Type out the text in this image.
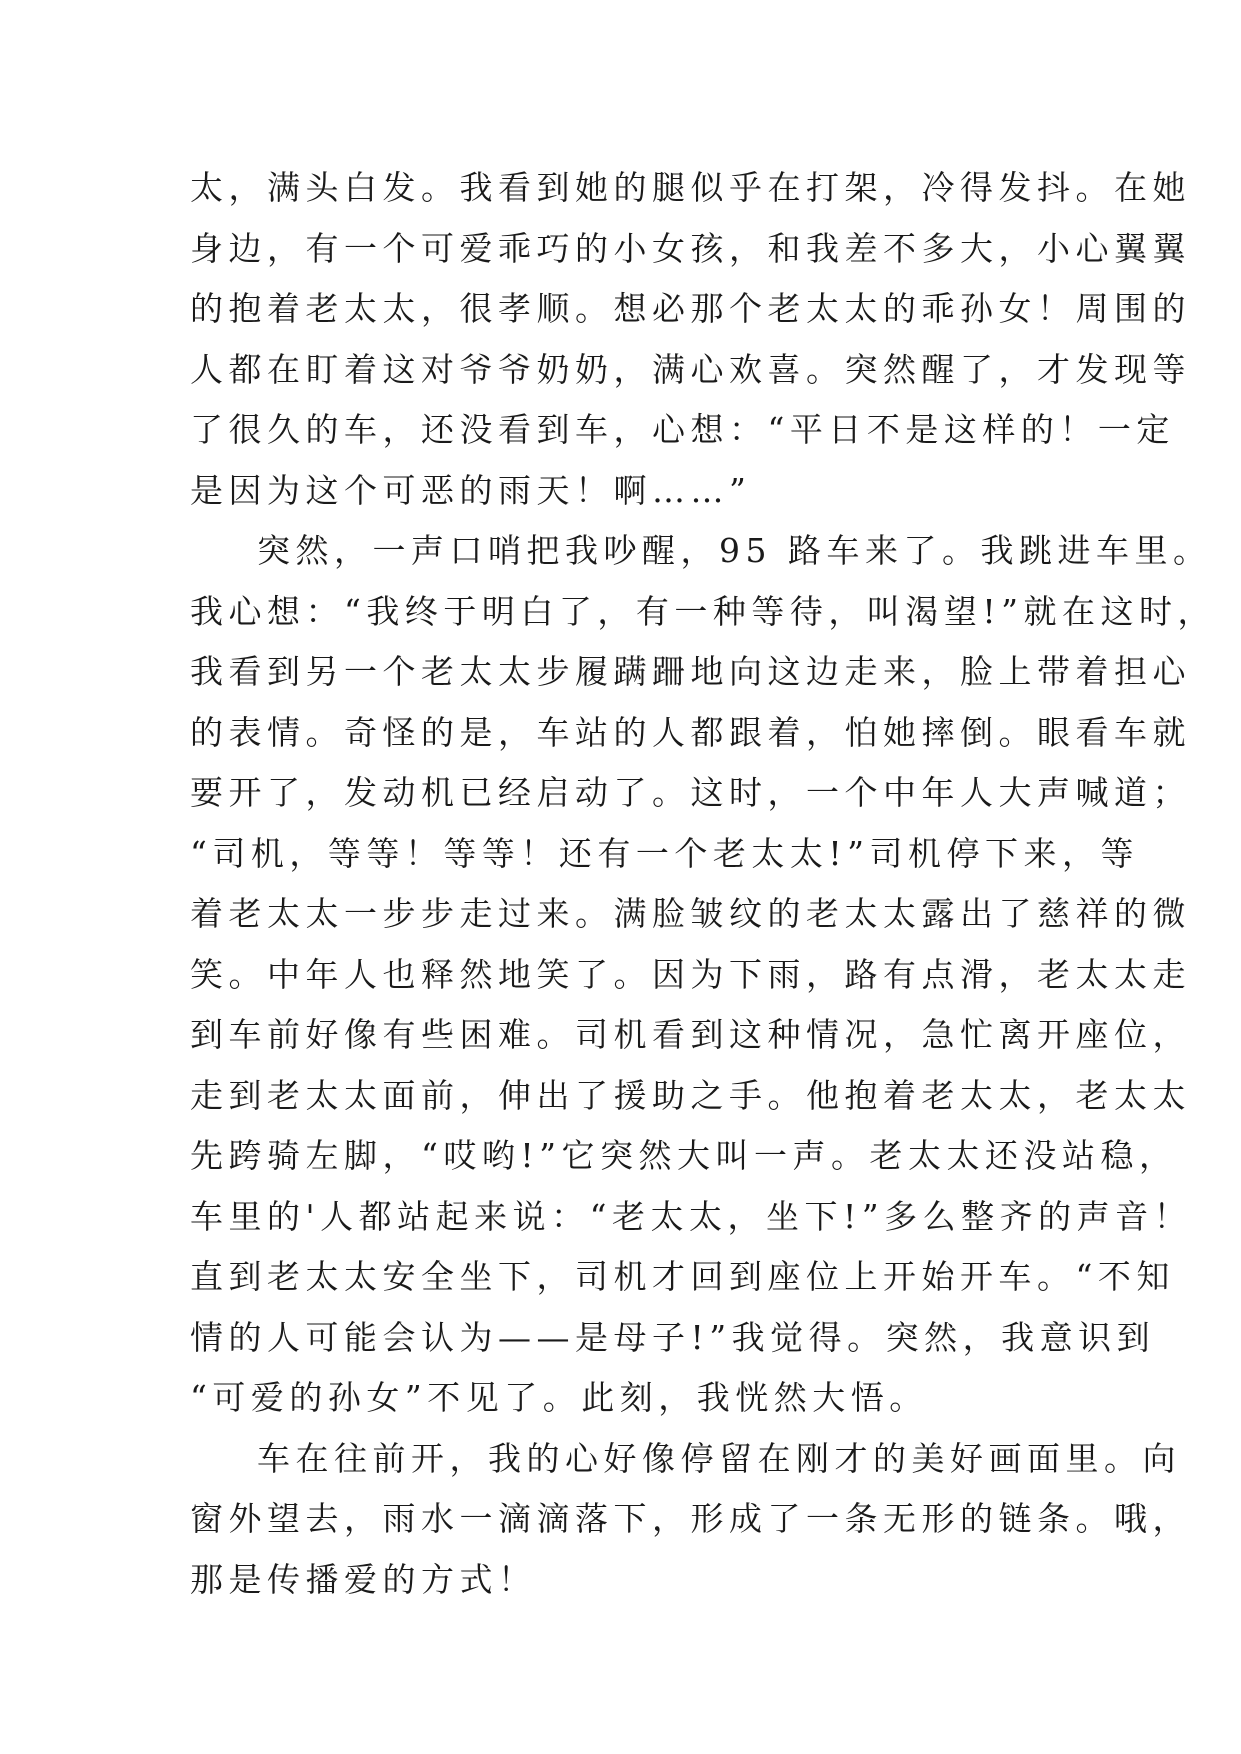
太，满头白发。我看到她的腿似乎在打架，冷得发抖。在她
身边，有一个可爱乖巧的小女孩，和我差不多大，小心翼翼
的抱着老太太，很孝顺。想必那个老太太的乖孙女！周围的
人都在盯着这对爷爷奶奶，满心欢喜。突然醒了，才发现等
了很久的车，还没看到车，心想：“平日不是这样的！一定
是因为这个可恶的雨天！啊……”
突然，一声口哨把我吵醒，95 路车来了。我跳进车里。
我心想：“我终于明白了，有一种等待，叫渴望!”就在这时，
我看到另一个老太太步履蹒跚地向这边走来，脸上带着担心
的表情。奇怪的是，车站的人都跟着，怕她摔倒。眼看车就
要开了，发动机已经启动了。这时，一个中年人大声喊道；
“司机，等等！等等！还有一个老太太!”司机停下来，等
着老太太一步步走过来。满脸皱纹的老太太露出了慈祥的微
笑。中年人也释然地笑了。因为下雨，路有点滑，老太太走
到车前好像有些困难。司机看到这种情况，急忙离开座位，
走到老太太面前，伸出了援助之手。他抱着老太太，老太太
先跨骑左脚，“哎哟!”它突然大叫一声。老太太还没站稳，
车里的'人都站起来说：“老太太，坐下!”多么整齐的声音！
直到老太太安全坐下，司机才回到座位上开始开车。“不知
情的人可能会认为——是母子!”我觉得。突然，我意识到
“可爱的孙女”不见了。此刻，我恍然大悟。
车在往前开，我的心好像停留在刚才的美好画面里。向
窗外望去，雨水一滴滴落下，形成了一条无形的链条。哦，
那是传播爱的方式！
